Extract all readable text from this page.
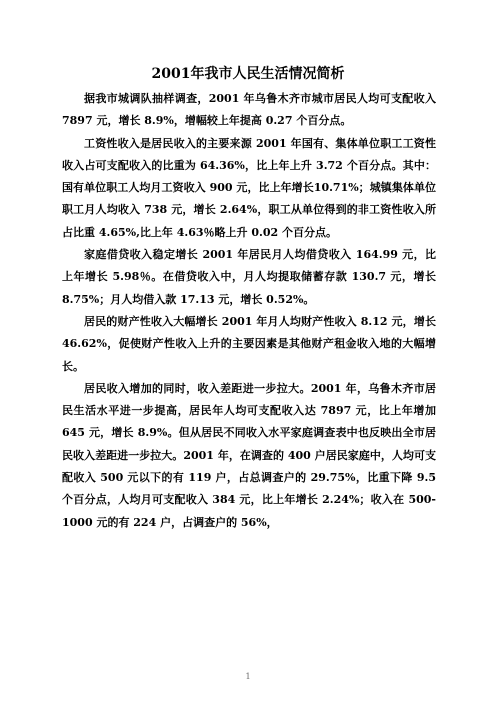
2001年我市人民生活情况简析

据我市城调队抽样调查，2001 年乌鲁木齐市城市居民人均可支配收入 7897 元，增长 8.9%，增幅较上年提高 0.27 个百分点。

工资性收入是居民收入的主要来源 2001 年国有、集体单位职工工资性收入占可支配收入的比重为 64.36%，比上年上升 3.72 个百分点。其中：国有单位职工人均月工资收入 900 元，比上年增长10.71%；城镇集体单位职工月人均收入 738 元，增长 2.64%，职工从单位得到的非工资性收入所占比重 4.65%,比上年 4.63％略上升 0.02 个百分点。

家庭借贷收入稳定增长 2001 年居民月人均借贷收入 164.99 元，比上年增长 5.98％。在借贷收入中，月人均提取储蓄存款 130.7 元，增长 8.75%；月人均借入款 17.13 元，增长 0.52%。

居民的财产性收入大幅增长 2001 年月人均财产性收入 8.12 元，增长 46.62%，促使财产性收入上升的主要因素是其他财产租金收入地的大幅增长。

居民收入增加的同时，收入差距进一步拉大。2001 年，乌鲁木齐市居民生活水平进一步提高，居民年人均可支配收入达 7897 元，比上年增加 645 元，增长 8.9%。但从居民不同收入水平家庭调查表中也反映出全市居民收入差距进一步拉大。2001 年，在调查的 400 户居民家庭中，人均可支配收入 500 元以下的有 119 户，占总调查户的 29.75%，比重下降 9.5 个百分点，人均月可支配收入 384 元，比上年增长 2.24%；收入在 500-1000 元的有 224 户，占调查户的 56%，

1
